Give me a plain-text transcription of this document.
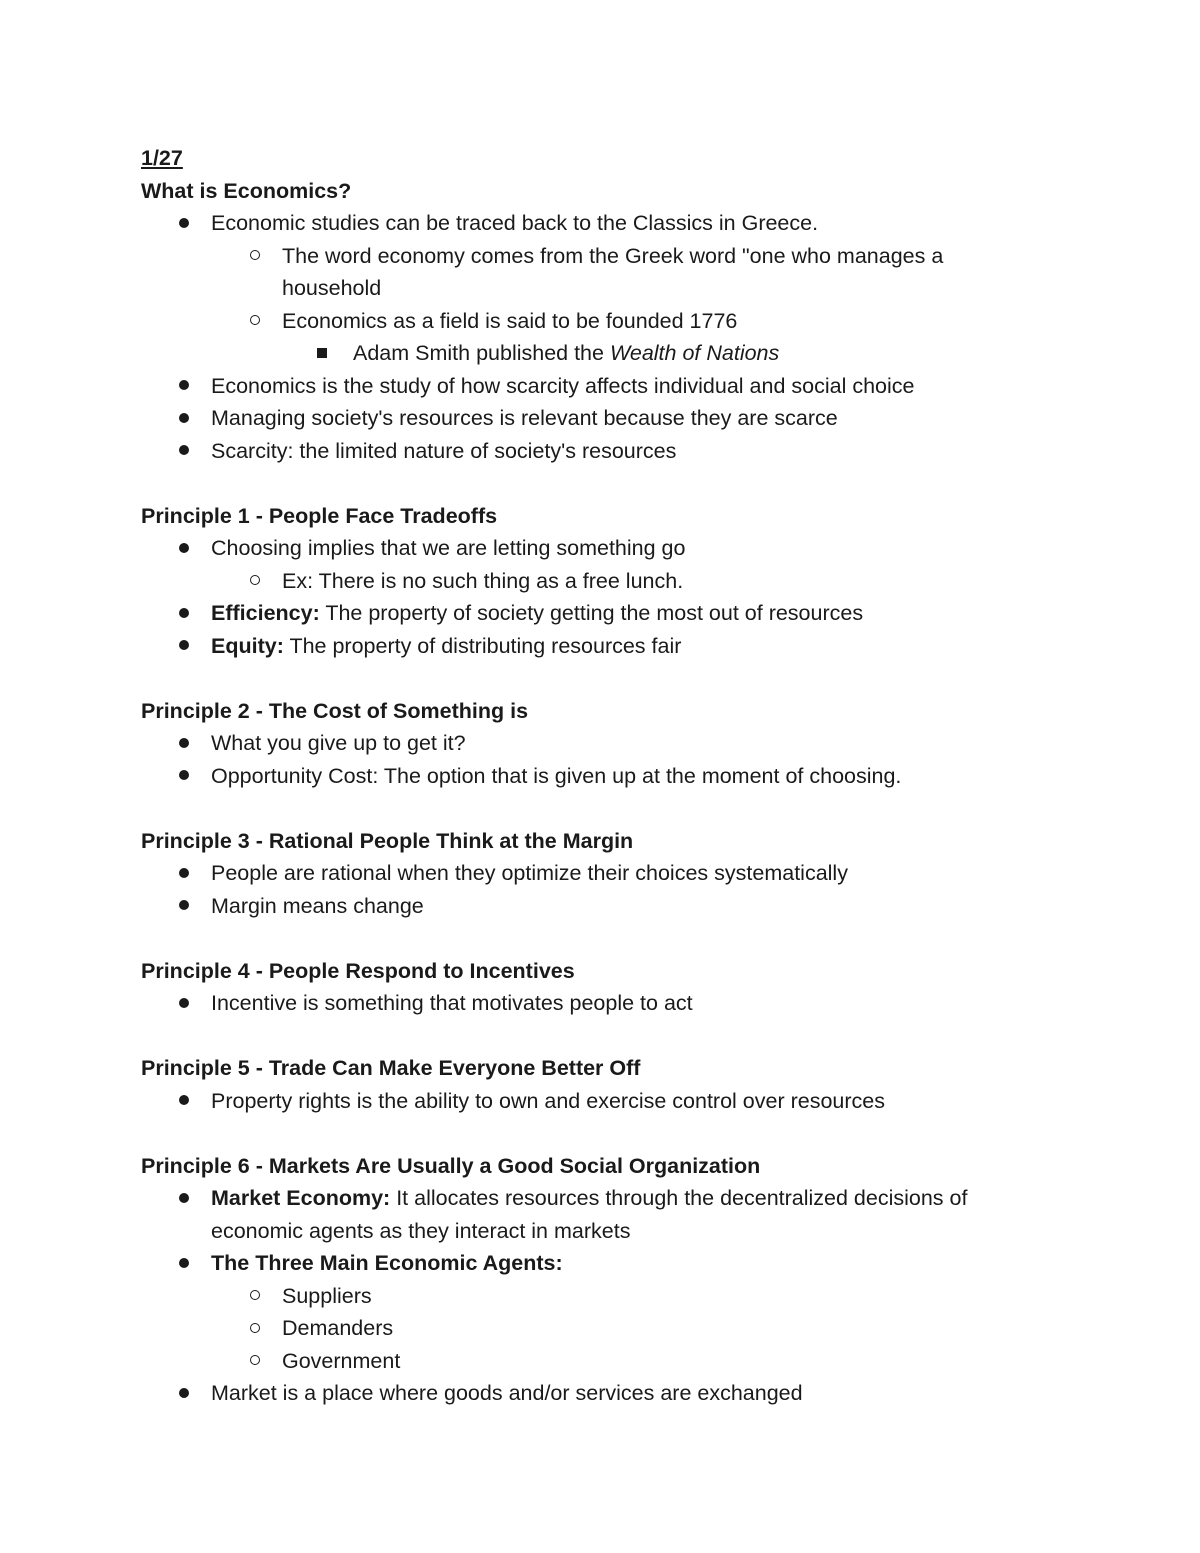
1/27
What is Economics?
Economic studies can be traced back to the Classics in Greece.
The word economy comes from the Greek word "one who manages a
household
Economics as a field is said to be founded 1776
Adam Smith published the Wealth of Nations
Economics is the study of how scarcity affects individual and social choice
Managing society's resources is relevant because they are scarce
Scarcity: the limited nature of society's resources
Principle 1 - People Face Tradeoffs
Choosing implies that we are letting something go
Ex: There is no such thing as a free lunch.
Efficiency: The property of society getting the most out of resources
Equity: The property of distributing resources fair
Principle 2 - The Cost of Something is
What you give up to get it?
Opportunity Cost: The option that is given up at the moment of choosing.
Principle 3 - Rational People Think at the Margin
People are rational when they optimize their choices systematically
Margin means change
Principle 4 - People Respond to Incentives
Incentive is something that motivates people to act
Principle 5 - Trade Can Make Everyone Better Off
Property rights is the ability to own and exercise control over resources
Principle 6 - Markets Are Usually a Good Social Organization
Market Economy: It allocates resources through the decentralized decisions of
economic agents as they interact in markets
The Three Main Economic Agents:
Suppliers
Demanders
Government
Market is a place where goods and/or services are exchanged
